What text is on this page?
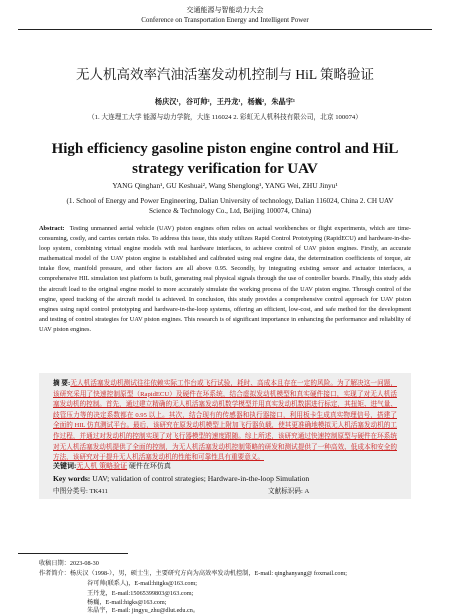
交通能源与智能动力大会
Conference on Transportation Energy and Intelligent Power
无人机高效率汽油活塞发动机控制与 HiL 策略验证
杨庆汉¹，谷可帅²，王丹龙¹，杨巍²，朱晶宇¹
（1. 大连理工大学 能源与动力学院，大连 116024 2. 彩虹无人机科技有限公司，北京 100074）
High efficiency gasoline piston engine control and HiL strategy verification for UAV
YANG Qinghan¹, GU Keshuai², Wang Shenglong¹, YANG Wei, ZHU Jinyu¹
(1. School of Energy and Power Engineering, Dalian University of technology, Dalian 116024, China 2. CH UAV Science & Technology Co., Ltd, Beijing 100074, China)

Abstract: Testing unmanned aerial vehicle (UAV) piston engines often relies on actual workbenches or flight experiments, which are time-consuming, costly, and carries certain risks. To address this issue, this study utilizes Rapid Control Prototyping (RapidECU) and hardware-in-the-loop system, combining virtual engine models with real hardware interfaces, to achieve control of UAV piston engines. Firstly, an accurate mathematical model of the UAV piston engine is established and calibrated using real engine data, the determination coefficients of torque, air intake flow, manifold pressure, and other factors are all above 0.95. Secondly, by integrating existing sensor and actuator interfaces, a comprehensive HIL simulation test platform is built, generating real physical signals through the use of controller boards. Finally, this study adds the aircraft load to the original engine model to more accurately simulate the working process of the UAV piston engine. Through control of the engine, speed tracking of the aircraft model is achieved. In conclusion, this study provides a comprehensive control approach for UAV piston engines using rapid control prototyping and hardware-in-the-loop systems, offering an efficient, low-cost, and safe method for the development and testing of control strategies for UAV piston engines. This research is of significant importance in enhancing the performance and reliability of UAV piston engines.

摘 要:无人机活塞发动机测试往往依赖实际工作台或飞行试验，耗时、高成本且存在一定的风险。为了解决这一问题，该研究采用了快速控制原型（RapidECU）及硬件在环系统，结合虚拟发动机模型和真实硬件接口，实现了对无人机活塞发动机的控制。首先，通过建立精确的无人机活塞发动机数学模型并用真实发动机数据进行标定，其扭矩、进气量、歧管压力等的决定系数都在 0.95 以上。其次，结合现有的传感器和执行器接口，利用板卡生成真实物理信号，搭建了全面的 HIL 仿真测试平台。最后，该研究在原发动机模型上附加飞行器负载，使其更准确地模拟无人机活塞发动机的工作过程，并通过对发动机的控制实现了对飞行器模型的速度跟随。综上所述，该研究通过快速控制原型与硬件在环系统对无人机活塞发动机提供了全面的控制，为无人机活塞发动机控制策略的研发和测试提供了一种高效、低成本和安全的方法，该研究对于提升无人机活塞发动机的性能和可靠性具有重要意义。

关键词:无人机 策略验证 硬件在环仿真
Key words: UAV; validation of control strategies; Hardware-in-the-loop Simulation
中图分类号: TK411	文献标识码: A
收稿日期：2023-08-30
作者简介：杨庆汉（1998-），男，硕士生，主要研究方向为高效率发动机控制，E-mail: qinghanyang@ foxmail.com;
谷可帅(联系人)，E-mail:hitgks@163.com;
王丹龙，E-mail:15065399803@163.com;
杨巍，E-mail:higks@163.com;
朱晶宇，E-mail: jingyu_zhu@dlut.edu.cn。
